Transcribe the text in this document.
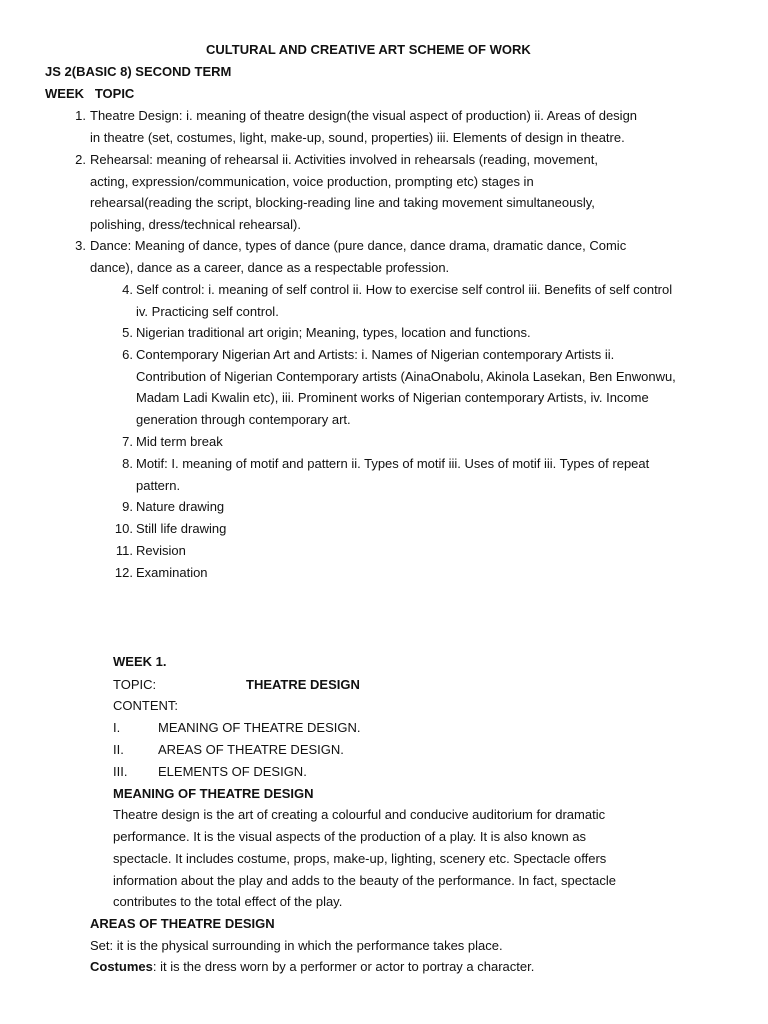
CULTURAL AND CREATIVE ART SCHEME OF WORK
JS 2(BASIC 8) SECOND TERM
WEEK   TOPIC
1. Theatre Design: i. meaning of theatre design(the visual aspect of production) ii. Areas of design
in theatre (set, costumes, light, make-up, sound, properties) iii. Elements of design in theatre.
2. Rehearsal: meaning of rehearsal ii. Activities involved in rehearsals (reading, movement,
acting, expression/communication, voice production, prompting etc) stages in
rehearsal(reading the script, blocking-reading line and taking movement simultaneously,
polishing, dress/technical rehearsal).
3. Dance: Meaning of dance, types of dance (pure dance, dance drama, dramatic dance, Comic
dance), dance as a career, dance as a respectable profession.
4. Self control: i. meaning of self control ii. How to exercise self control iii. Benefits of self control
iv. Practicing self control.
5. Nigerian traditional art origin; Meaning, types, location and functions.
6. Contemporary Nigerian Art and Artists: i. Names of Nigerian contemporary Artists ii.
Contribution of Nigerian Contemporary artists (AinaOnabolu, Akinola Lasekan, Ben Enwonwu,
Madam Ladi Kwalin etc), iii. Prominent works of Nigerian contemporary Artists, iv. Income
generation through contemporary art.
7. Mid term break
8. Motif: I. meaning of motif and pattern ii. Types of motif iii. Uses of motif iii. Types of repeat
pattern.
9. Nature drawing
10. Still life drawing
11. Revision
12. Examination
WEEK 1.
TOPIC:	THEATRE DESIGN
CONTENT:
I.	MEANING OF THEATRE DESIGN.
II.	AREAS OF THEATRE DESIGN.
III. ELEMENTS OF DESIGN.
MEANING OF THEATRE DESIGN
Theatre design is the art of creating a colourful and conducive auditorium for dramatic
performance. It is the visual aspects of the production of a play. It is also known as
spectacle. It includes costume, props, make-up, lighting, scenery etc. Spectacle offers
information about the play and adds to the beauty of the performance. In fact, spectacle
contributes to the total effect of the play.
AREAS OF THEATRE DESIGN
Set: it is the physical surrounding in which the performance takes place.
Costumes: it is the dress worn by a performer or actor to portray a character.
